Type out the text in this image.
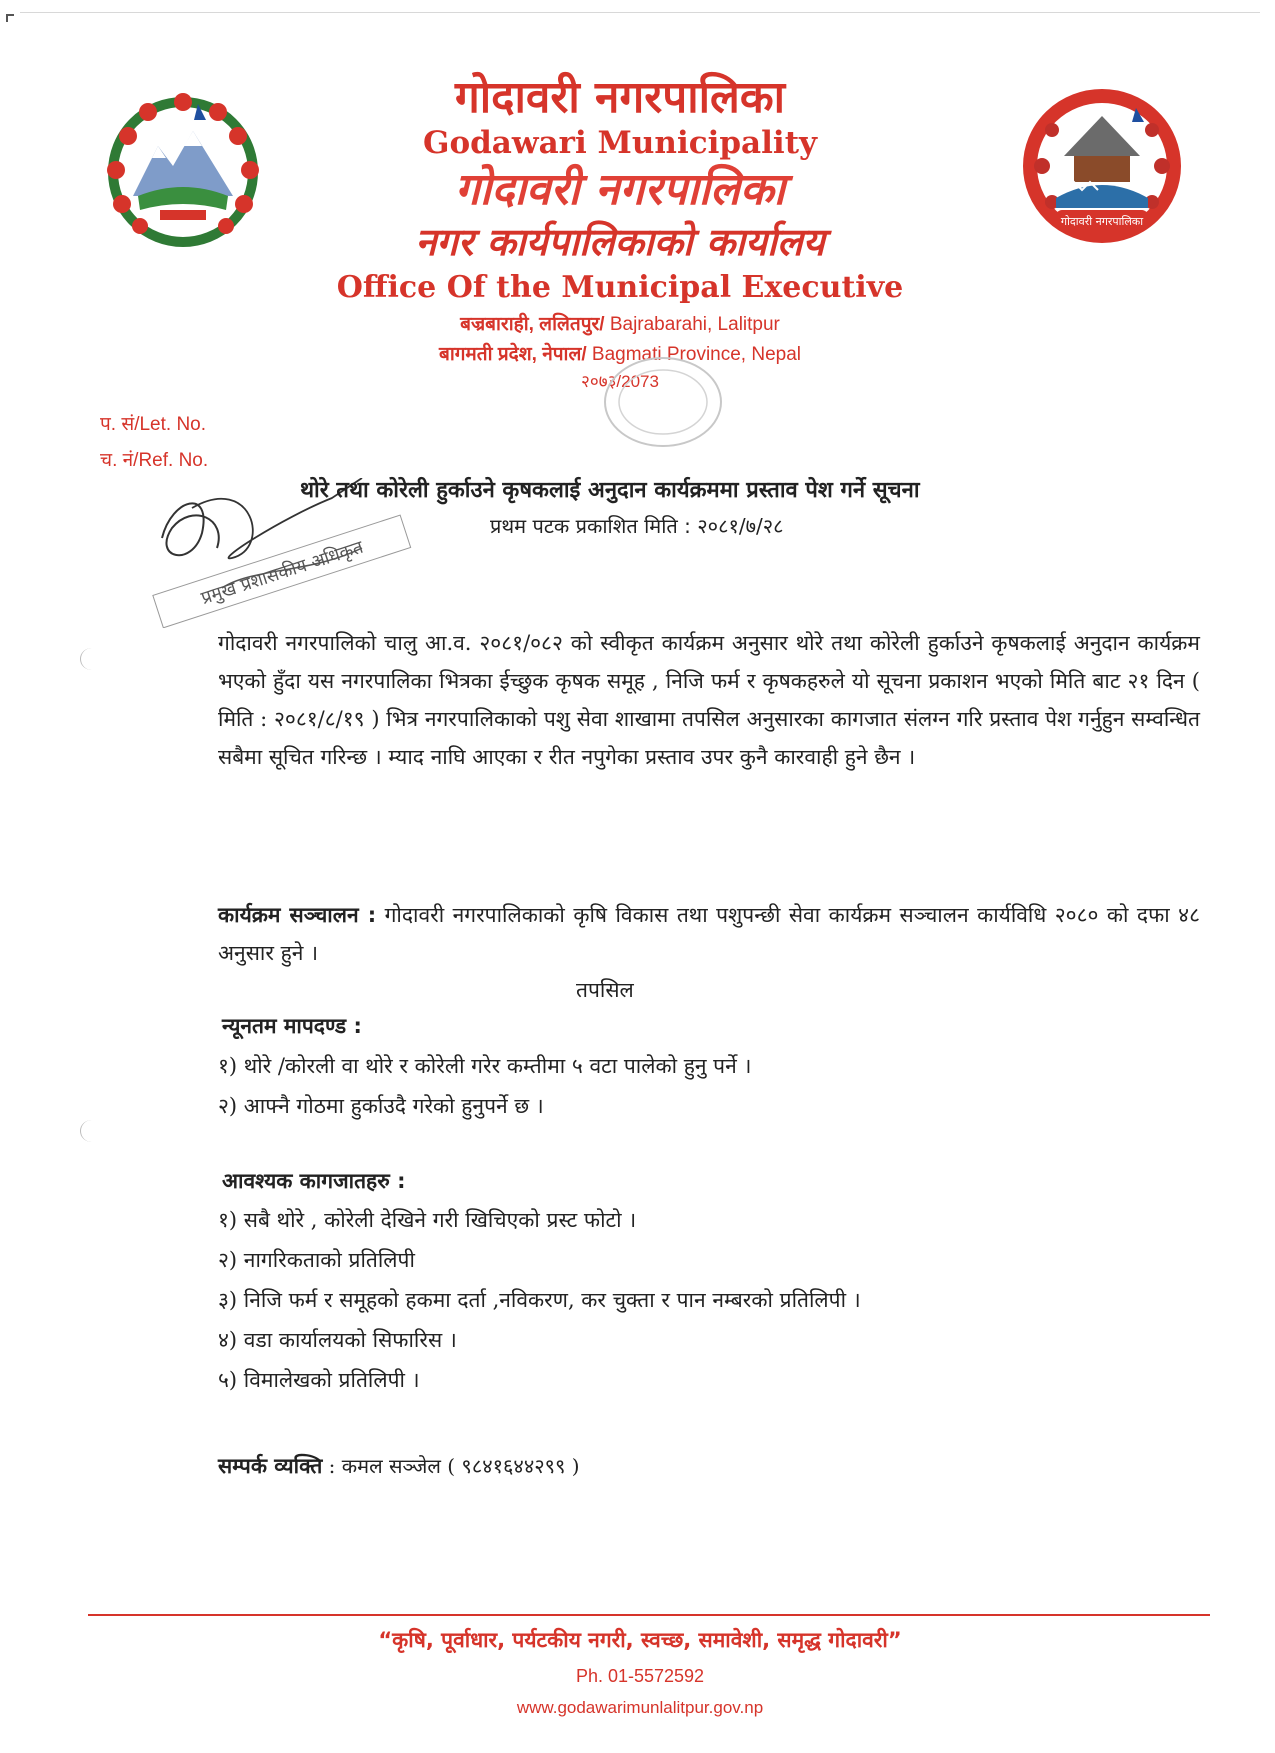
गोदावरी नगरपालिका
गोदावरी नगरपालिका
Godawari Municipality
गोदावरी नगरपालिका
नगर कार्यपालिकाको कार्यालय
Office Of the Municipal Executive
बज्रबाराही, ललितपुर/ Bajrabarahi, Lalitpur
बागमती प्रदेश, नेपाल/ Bagmati Province, Nepal
२०७३/2073
प. सं/Let. No.
च. नं/Ref. No.
प्रमुख प्रशासकीय अधिकृत
थोरे तथा कोरेली हुर्काउने कृषकलाई अनुदान कार्यक्रममा प्रस्ताव पेश गर्ने सूचना
प्रथम पटक प्रकाशित मिति : २०८१/७/२८
गोदावरी नगरपालिको चालु आ.व. २०८१/०८२ को स्वीकृत कार्यक्रम अनुसार थोरे तथा कोरेली हुर्काउने कृषकलाई अनुदान कार्यक्रम भएको हुँदा यस नगरपालिका भित्रका ईच्छुक कृषक समूह , निजि फर्म र कृषकहरुले यो सूचना प्रकाशन भएको मिति बाट २१ दिन ( मिति : २०८१/८/१९ ) भित्र नगरपालिकाको पशु सेवा शाखामा तपसिल अनुसारका कागजात संलग्न गरि प्रस्ताव पेश गर्नुहुन सम्वन्धित सबैमा सूचित गरिन्छ । म्याद नाघि आएका र रीत नपुगेका प्रस्ताव उपर कुनै कारवाही हुने छैन ।
कार्यक्रम सञ्चालन : गोदावरी नगरपालिकाको कृषि विकास तथा पशुपन्छी सेवा कार्यक्रम सञ्चालन कार्यविधि २०८० को दफा ४८ अनुसार हुने ।
तपसिल
न्यूनतम मापदण्ड :
१) थोरे /कोरली वा थोरे र कोरेली गरेर कम्तीमा ५ वटा पालेको हुनु पर्ने ।
२) आफ्नै गोठमा हुर्काउदै गरेको हुनुपर्ने छ ।
आवश्यक कागजातहरु :
१) सबै थोरे , कोरेली देखिने गरी खिचिएको प्रस्ट फोटो ।
२) नागरिकताको प्रतिलिपी
३) निजि फर्म र समूहको हकमा दर्ता ,नविकरण, कर चुक्ता र पान नम्बरको प्रतिलिपी ।
४) वडा कार्यालयको सिफारिस ।
५) विमालेखको प्रतिलिपी ।
सम्पर्क व्यक्ति : कमल सञ्जेल ( ९८४१६४४२९९ )
“कृषि, पूर्वाधार, पर्यटकीय नगरी, स्वच्छ, समावेशी, समृद्ध गोदावरी”
Ph. 01-5572592
www.godawarimunlalitpur.gov.np
